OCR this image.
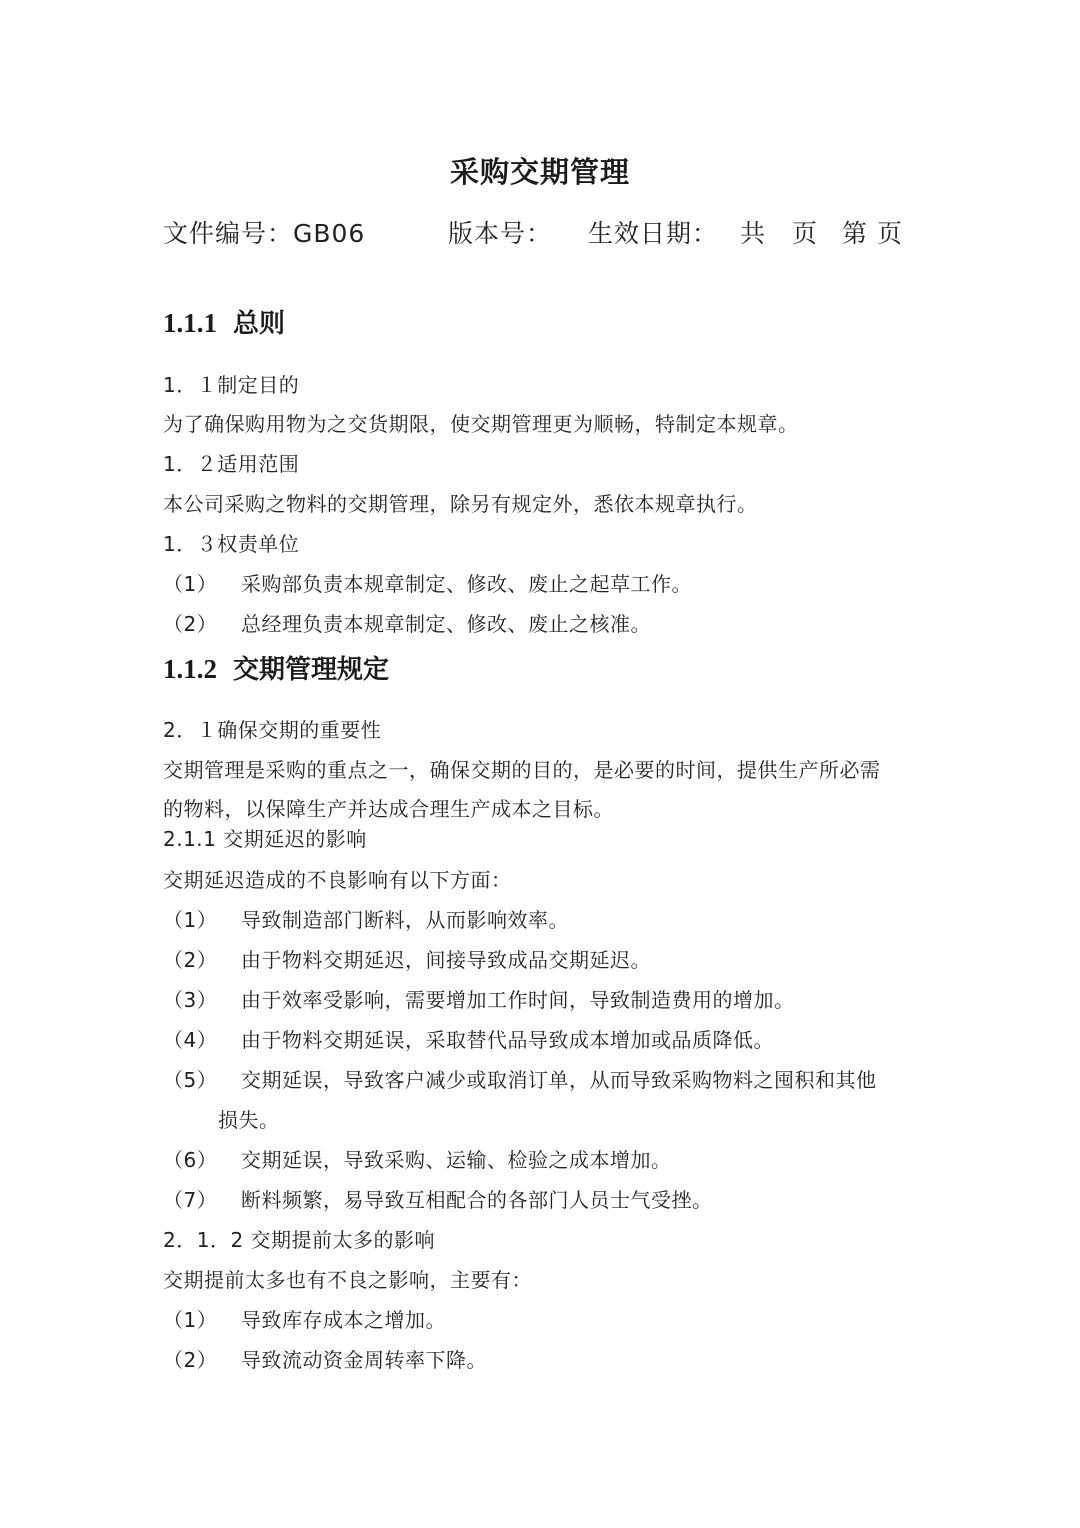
采购交期管理
文件编号：GB06	版本号： 生效日期： 共　页 第 页
1.1.1 总则
1．１制定目的
为了确保购用物为之交货期限，使交期管理更为顺畅，特制定本规章。
1．２适用范围
本公司采购之物料的交期管理，除另有规定外，悉依本规章执行。
1．３权责单位
（1） 采购部负责本规章制定、修改、废止之起草工作。
（2） 总经理负责本规章制定、修改、废止之核准。
1.1.2 交期管理规定
2．１确保交期的重要性
交期管理是采购的重点之一，确保交期的目的，是必要的时间，提供生产所必需
的物料，以保障生产并达成合理生产成本之目标。
2.1.1 交期延迟的影响
交期延迟造成的不良影响有以下方面：
（1） 导致制造部门断料，从而影响效率。
（2） 由于物料交期延迟，间接导致成品交期延迟。
（3） 由于效率受影响，需要增加工作时间，导致制造费用的增加。
（4） 由于物料交期延误，采取替代品导致成本增加或品质降低。
（5） 交期延误，导致客户减少或取消订单，从而导致采购物料之囤积和其他
损失。
（6） 交期延误，导致采购、运输、检验之成本增加。
（7） 断料频繁，易导致互相配合的各部门人员士气受挫。
2．1．2 交期提前太多的影响
交期提前太多也有不良之影响，主要有：
（1） 导致库存成本之增加。
（2） 导致流动资金周转率下降。
